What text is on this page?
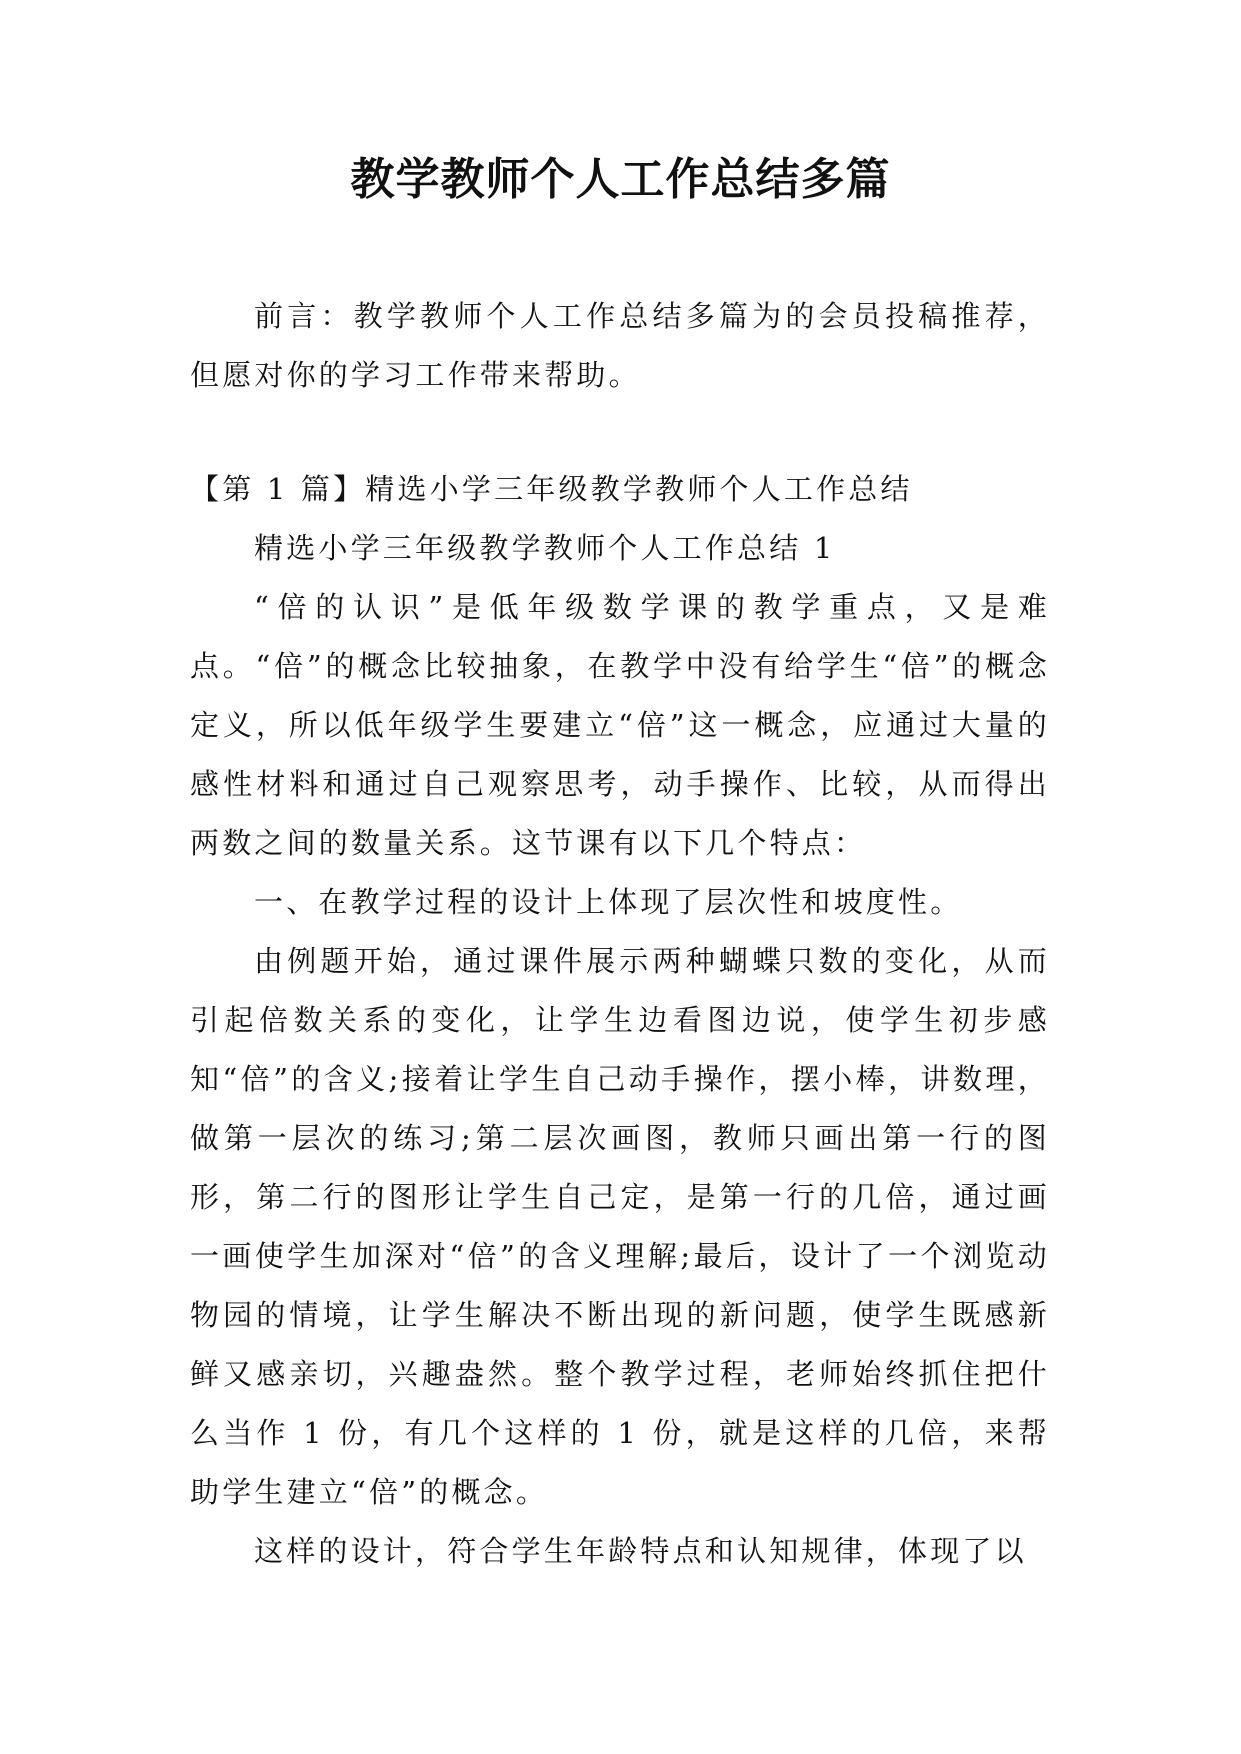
教学教师个人工作总结多篇

前言：教学教师个人工作总结多篇为的会员投稿推荐，但愿对你的学习工作带来帮助。

【第 1 篇】精选小学三年级教学教师个人工作总结

精选小学三年级教学教师个人工作总结 1

“倍的认识”是低年级数学课的教学重点，又是难点。“倍”的概念比较抽象，在教学中没有给学生“倍”的概念定义，所以低年级学生要建立“倍”这一概念，应通过大量的感性材料和通过自己观察思考，动手操作、比较，从而得出两数之间的数量关系。这节课有以下几个特点：

一、在教学过程的设计上体现了层次性和坡度性。

由例题开始，通过课件展示两种蝴蝶只数的变化，从而引起倍数关系的变化，让学生边看图边说，使学生初步感知“倍”的含义;接着让学生自己动手操作，摆小棒，讲数理，做第一层次的练习;第二层次画图，教师只画出第一行的图形，第二行的图形让学生自己定，是第一行的几倍，通过画一画使学生加深对“倍”的含义理解;最后，设计了一个浏览动物园的情境，让学生解决不断出现的新问题，使学生既感新鲜又感亲切，兴趣盎然。整个教学过程，老师始终抓住把什么当作 1 份，有几个这样的 1 份，就是这样的几倍，来帮助学生建立“倍”的概念。

这样的设计，符合学生年龄特点和认知规律，体现了以
